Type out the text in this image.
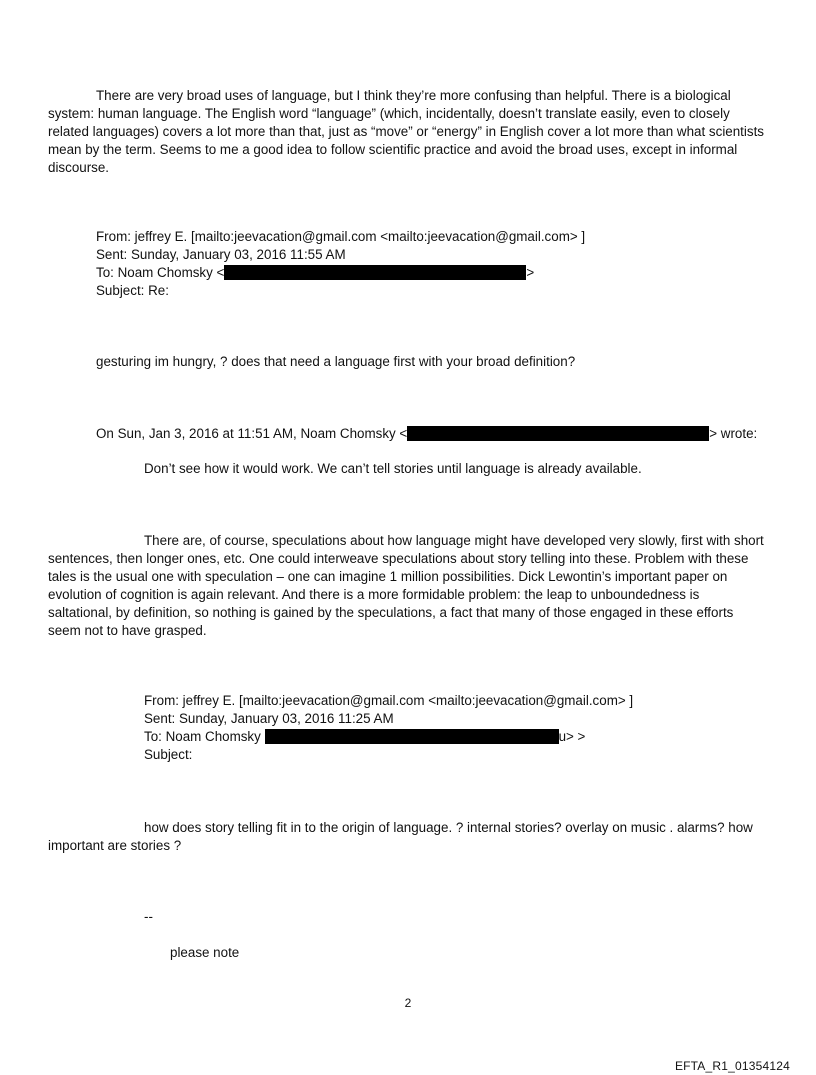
There are very broad uses of language, but I think they’re more confusing than helpful. There is a biological system: human language. The English word “language” (which, incidentally, doesn’t translate easily, even to closely related languages) covers a lot more than that, just as “move” or “energy” in English cover a lot more than what scientists mean by the term. Seems to me a good idea to follow scientific practice and avoid the broad uses, except in informal discourse.

From: jeffrey E. [mailto:jeevacation@gmail.com <mailto:jeevacation@gmail.com> ]
Sent: Sunday, January 03, 2016 11:55 AM
To: Noam Chomsky <	>
Subject: Re:

gesturing im hungry, ? does that need a language first with your broad definition?

On Sun, Jan 3, 2016 at 11:51 AM, Noam Chomsky <	> wrote:

Don’t see how it would work. We can’t tell stories until language is already available.

There are, of course, speculations about how language might have developed very slowly, first with short sentences, then longer ones, etc. One could interweave speculations about story telling into these. Problem with these tales is the usual one with speculation – one can imagine 1 million possibilities. Dick Lewontin’s important paper on evolution of cognition is again relevant. And there is a more formidable problem: the leap to unboundedness is saltational, by definition, so nothing is gained by the speculations, a fact that many of those engaged in these efforts seem not to have grasped.

From: jeffrey E. [mailto:jeevacation@gmail.com <mailto:jeevacation@gmail.com> ]
Sent: Sunday, January 03, 2016 11:25 AM
To: Noam Chomsky	u> >
Subject:

how does story telling fit in to the origin of language. ? internal stories? overlay on music . alarms? how important are stories ?

--

please note

2
EFTA_R1_01354124
